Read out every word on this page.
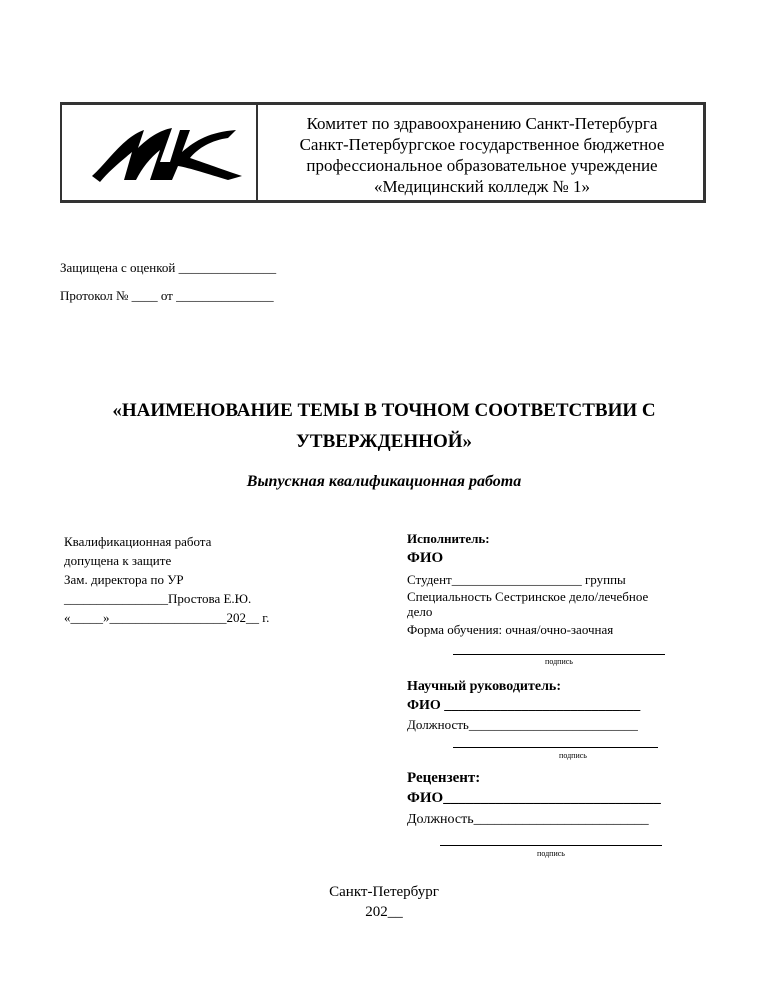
Комитет по здравоохранению Санкт-Петербурга
Санкт-Петербургское государственное бюджетное
профессиональное образовательное учреждение
«Медицинский колледж № 1»
Защищена с оценкой _______________
Протокол № ____ от _______________
«НАИМЕНОВАНИЕ ТЕМЫ В ТОЧНОМ СООТВЕТСТВИИ С
УТВЕРЖДЕННОЙ»
Выпускная квалификационная работа
Квалификационная работа
допущена к защите
Зам. директора по УР
________________Простова Е.Ю.
«_____»__________________202__ г.
Исполнитель:
ФИО
Студент____________________ группы
Специальность Сестринское дело/лечебное
дело
Форма обучения: очная/очно-заочная
подпись
Научный руководитель:
ФИО ____________________________
Должность__________________________
подпись
Рецензент:
ФИО_____________________________
Должность_________________________
подпись
Санкт-Петербург
202__
